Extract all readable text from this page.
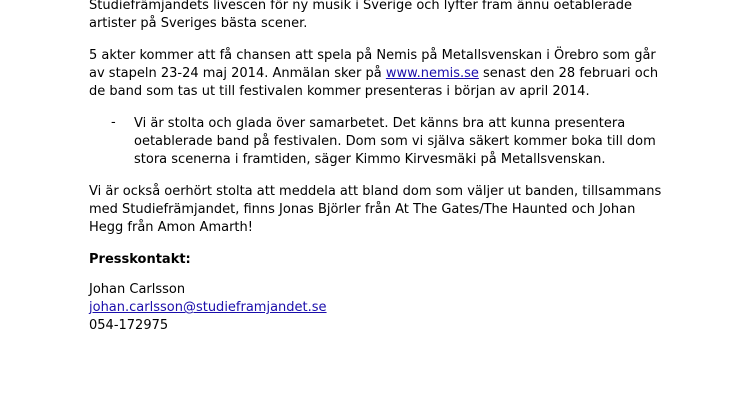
Studiefrämjandets livescen för ny musik i Sverige och lyfter fram ännu oetablerade
artister på Sveriges bästa scener.

5 akter kommer att få chansen att spela på Nemis på Metallsvenskan i Örebro som går
av stapeln 23-24 maj 2014. Anmälan sker på www.nemis.se senast den 28 februari och
de band som tas ut till festivalen kommer presenteras i början av april 2014.

- Vi är stolta och glada över samarbetet. Det känns bra att kunna presentera
oetablerade band på festivalen. Dom som vi själva säkert kommer boka till dom
stora scenerna i framtiden, säger Kimmo Kirvesmäki på Metallsvenskan.

Vi är också oerhört stolta att meddela att bland dom som väljer ut banden, tillsammans
med Studiefrämjandet, finns Jonas Björler från At The Gates/The Haunted och Johan
Hegg från Amon Amarth!

Presskontakt:

Johan Carlsson
johan.carlsson@studieframjandet.se
054-172975
